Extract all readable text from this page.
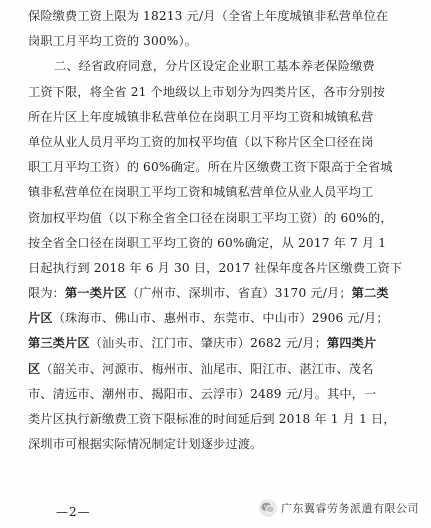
保险缴费工资上限为 18213 元/月（全省上年度城镇非私营单位在
岗职工月平均工资的 300%）。
二、经省政府同意，分片区设定企业职工基本养老保险缴费
工资下限，将全省 21 个地级以上市划分为四类片区，各市分别按
所在片区上年度城镇非私营单位在岗职工月平均工资和城镇私营
单位从业人员月平均工资的加权平均值（以下称片区全口径在岗
职工月平均工资）的 60%确定。所在片区缴费工资下限高于全省城
镇非私营单位在岗职工平均工资和城镇私营单位从业人员平均工
资加权平均值（以下称全省全口径在岗职工平均工资）的 60%的，
按全省全口径在岗职工平均工资的 60%确定，从 2017 年 7 月 1
日起执行到 2018 年 6 月 30 日，2017 社保年度各片区缴费工资下
限为：第一类片区（广州市、深圳市、省直）3170 元/月；第二类
片区（珠海市、佛山市、惠州市、东莞市、中山市）2906 元/月；
第三类片区（汕头市、江门市、肇庆市）2682 元/月；第四类片
区（韶关市、河源市、梅州市、汕尾市、阳江市、湛江市、茂名
市、清远市、潮州市、揭阳市、云浮市）2489 元/月。其中，一
类片区执行新缴费工资下限标准的时间延后到 2018 年 1 月 1 日，
深圳市可根据实际情况制定计划逐步过渡。
—2—	广东翼睿劳务派遣有限公司
